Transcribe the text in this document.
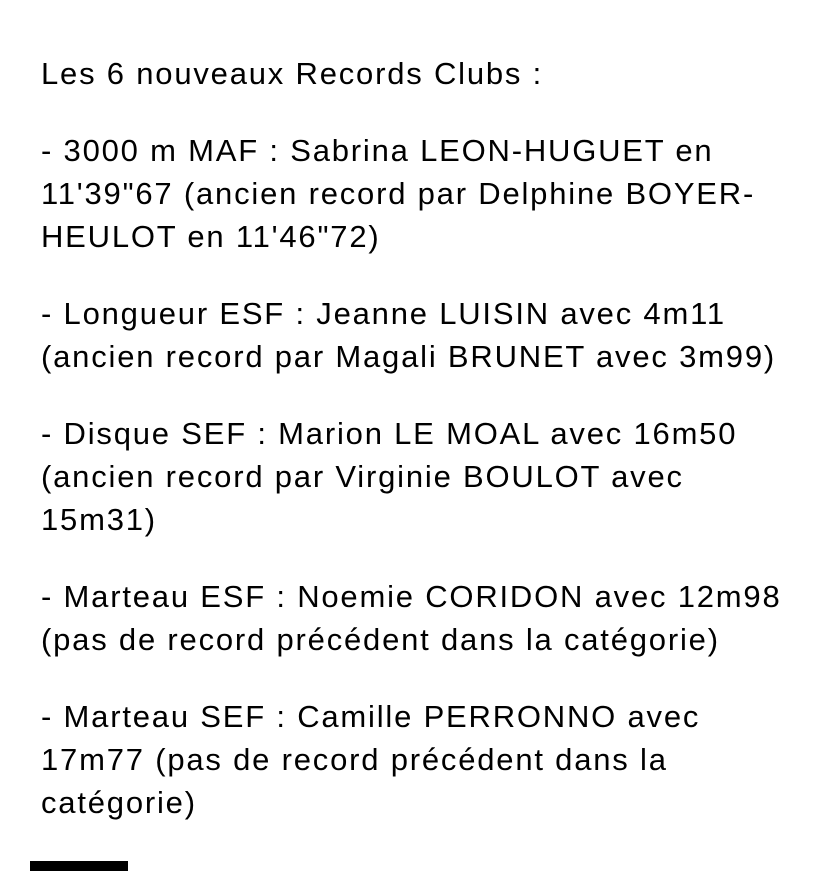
Les 6 nouveaux Records Clubs :

- 3000 m MAF : Sabrina LEON-HUGUET en
11'39"67 (ancien record par Delphine BOYER-
HEULOT en 11'46"72)

- Longueur ESF : Jeanne LUISIN avec 4m11
(ancien record par Magali BRUNET avec 3m99)

- Disque SEF : Marion LE MOAL avec 16m50
(ancien record par Virginie BOULOT avec
15m31)

- Marteau ESF : Noemie CORIDON avec 12m98
(pas de record précédent dans la catégorie)

- Marteau SEF : Camille PERRONNO avec
17m77 (pas de record précédent dans la
catégorie)
